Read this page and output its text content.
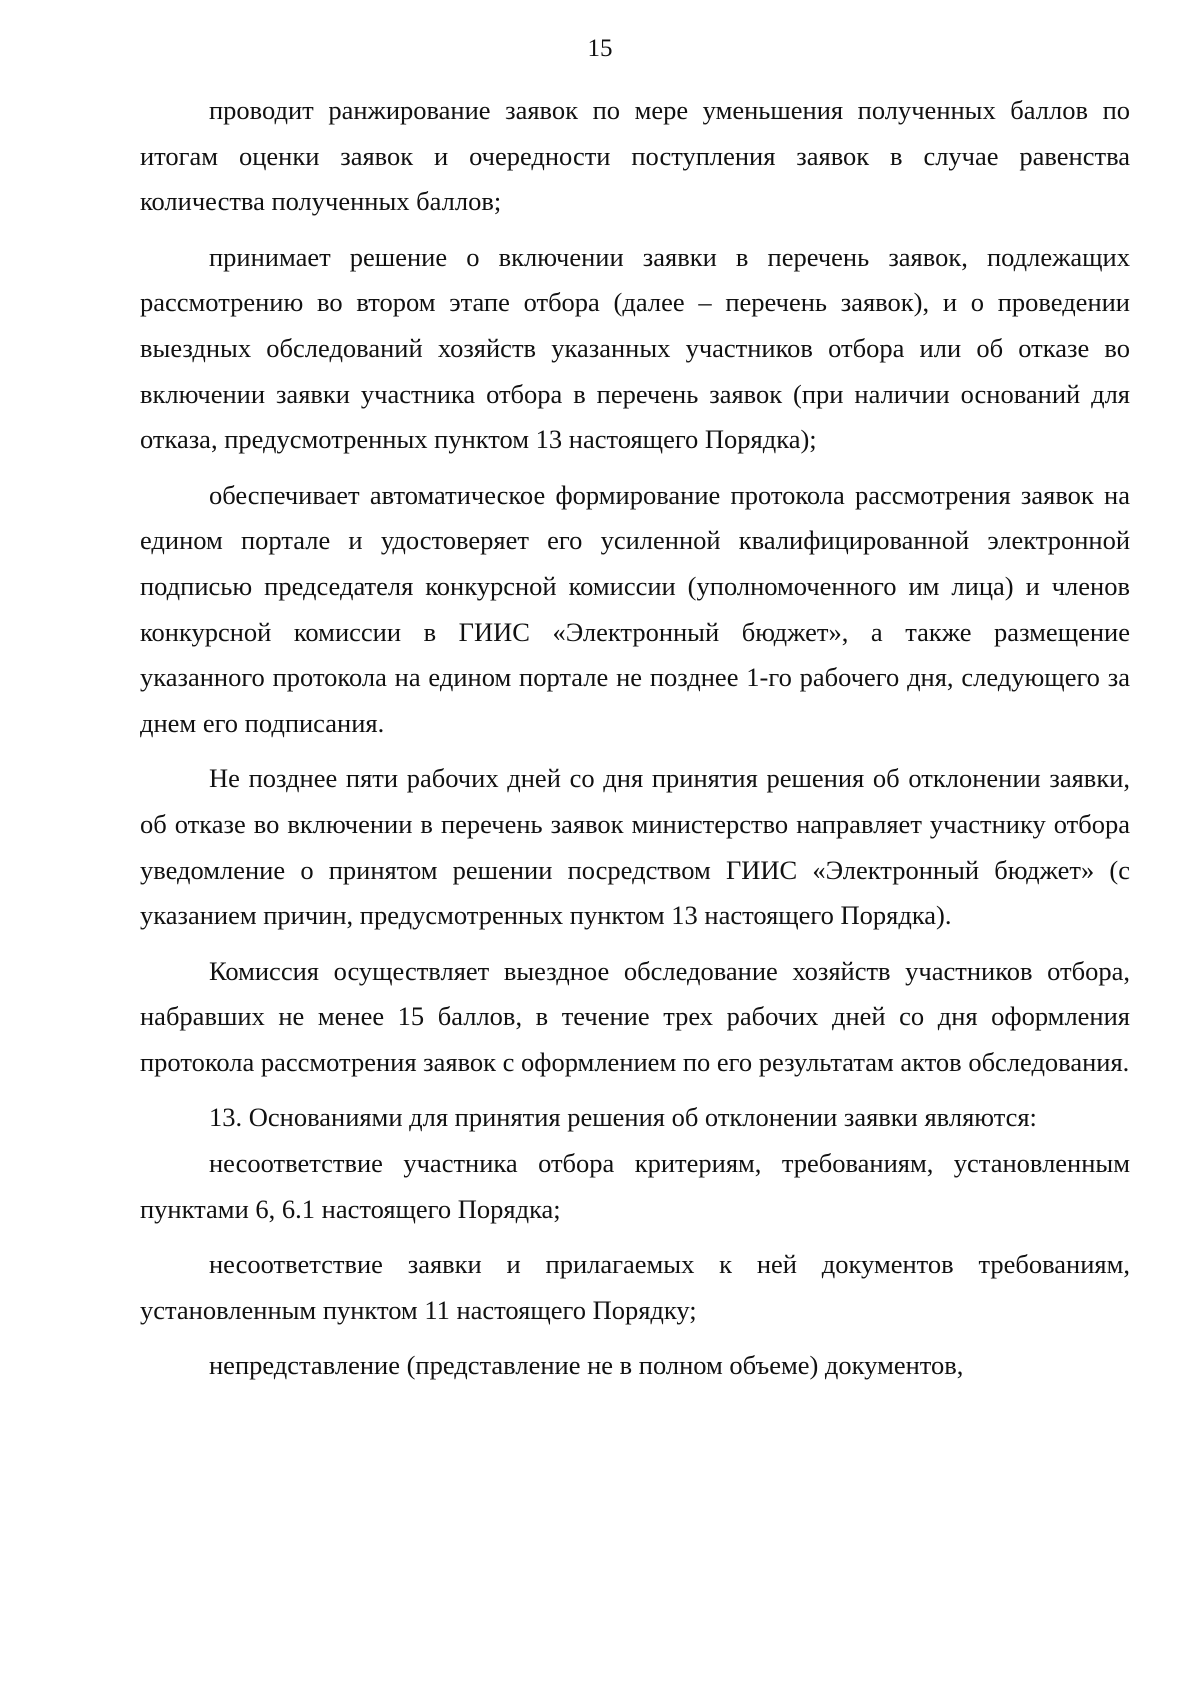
15

проводит ранжирование заявок по мере уменьшения полученных баллов по итогам оценки заявок и очередности поступления заявок в случае равенства количества полученных баллов;

принимает решение о включении заявки в перечень заявок, подлежащих рассмотрению во втором этапе отбора (далее – перечень заявок), и о проведении выездных обследований хозяйств указанных участников отбора или об отказе во включении заявки участника отбора в перечень заявок (при наличии оснований для отказа, предусмотренных пунктом 13 настоящего Порядка);

обеспечивает автоматическое формирование протокола рассмотрения заявок на едином портале и удостоверяет его усиленной квалифицированной электронной подписью председателя конкурсной комиссии (уполномоченного им лица) и членов конкурсной комиссии в ГИИС «Электронный бюджет», а также размещение указанного протокола на едином портале не позднее 1-го рабочего дня, следующего за днем его подписания.

Не позднее пяти рабочих дней со дня принятия решения об отклонении заявки, об отказе во включении в перечень заявок министерство направляет участнику отбора уведомление о принятом решении посредством ГИИС «Электронный бюджет» (с указанием причин, предусмотренных пунктом 13 настоящего Порядка).

Комиссия осуществляет выездное обследование хозяйств участников отбора, набравших не менее 15 баллов, в течение трех рабочих дней со дня оформления протокола рассмотрения заявок с оформлением по его результатам актов обследования.

13. Основаниями для принятия решения об отклонении заявки являются:

несоответствие участника отбора критериям, требованиям, установленным пунктами 6, 6.1 настоящего Порядка;

несоответствие заявки и прилагаемых к ней документов требованиям, установленным пунктом 11 настоящего Порядку;

непредставление (представление не в полном объеме) документов,
